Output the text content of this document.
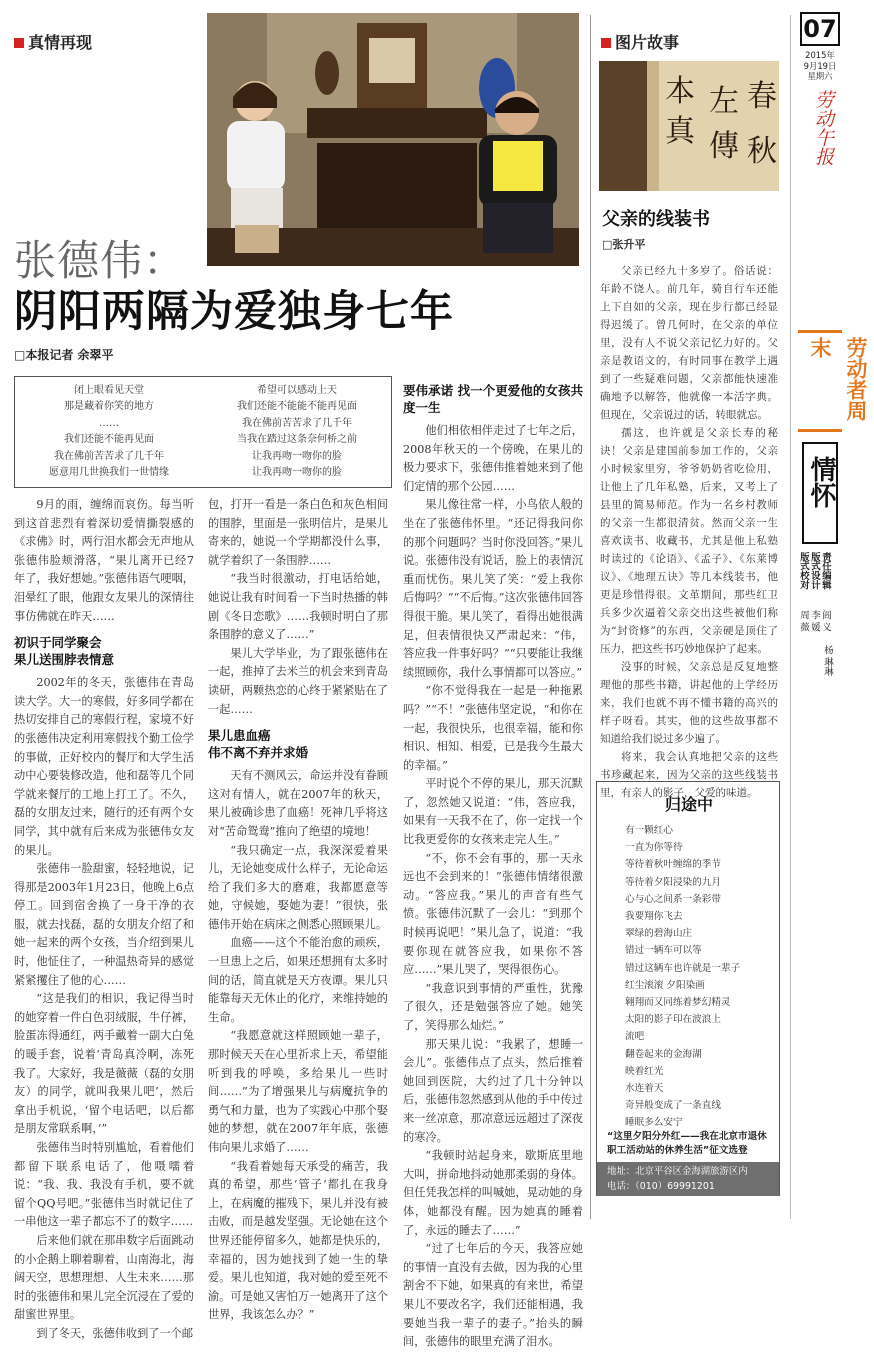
真情再现
张德伟：
阴阳两隔为爱独身七年
□本报记者 余翠平
闭上眼看见天堂
那是藏着你笑的地方
……
我们还能不能再见面
我在佛前苦苦求了几千年
愿意用几世换我们一世情缘
希望可以感动上天
我们还能不能能不能再见面
我在佛前苦苦求了几千年
当我在踏过这条奈何桥之前
让我再吻一吻你的脸
让我再吻一吻你的脸

9月的雨，缠绵而哀伤。每当听到这首悲烈有着深切爱情撕裂感的《求佛》时，两行泪水都会无声地从张德伟脸颊滑落，“果儿离开已经7年了，我好想她。”张德伟语气哽咽，泪晕红了眼，他跟女友果儿的深情往事仿佛就在昨天……

初识于同学聚会
果儿送围脖表情意

2002年的冬天，张德伟在青岛读大学。大一的寒假，好多同学都在热切安排自己的寒假行程，家境不好的张德伟决定利用寒假找个勤工俭学的事做，正好校内的餐厅和大学生活动中心要装修改造，他和磊等几个同学就来餐厅的工地上打工了。不久，磊的女朋友过来，随行的还有两个女同学，其中就有后来成为张德伟女友的果儿。

张德伟一脸甜蜜，轻轻地说，记得那是2003年1月23日，他晚上6点停工。回到宿舍换了一身干净的衣服，就去找磊，磊的女朋友介绍了和她一起来的两个女孩，当介绍到果儿时，他怔住了，一种温热奇异的感觉紧紧攫住了他的心……

“这是我们的相识，我记得当时的她穿着一件白色羽绒服，牛仔裤，脸蛋冻得通红，两手戴着一副大白兔的暖手套，说着‘青岛真冷啊，冻死我了。大家好，我是薇薇（磊的女朋友）的同学，就叫我果儿吧’，然后拿出手机说，‘留个电话吧，以后都是朋友常联系啊，’”

张德伟当时特别尴尬，看着他们都留下联系电话了，他嗫嚅着说：“我、我、我没有手机，要不就留个QQ号吧。”张德伟当时就记住了一串他这一辈子都忘不了的数字……

后来他们就在那串数字后面跳动的小企鹅上聊着聊着，山南海北，海阔天空，思想理想、人生未来……那时的张德伟和果儿完全沉浸在了爱的甜蜜世界里。

到了冬天，张德伟收到了一个邮

包，打开一看是一条白色和灰色相间的围脖，里面是一张明信片，是果儿寄来的，她说一个学期都没什么事，就学着织了一条围脖……

“我当时很激动，打电话给她，她说让我有时间看一下当时热播的韩剧《冬日恋歌》……我顿时明白了那条围脖的意义了……”

果儿大学毕业，为了跟张德伟在一起，推掉了去米兰的机会来到青岛读研，两颗热恋的心终于紧紧贴在了一起……

果儿患血癌
伟不离不弃并求婚

天有不测风云，命运并没有眷顾这对有情人，就在2007年的秋天，果儿被确诊患了血癌！死神几乎将这对“苦命鸳鸯”推向了绝望的境地！

“我只确定一点，我深深爱着果儿，无论她变成什么样子，无论命运给了我们多大的磨难，我都愿意等她，守候她，娶她为妻！”很快，张德伟开始在病床之侧悉心照顾果儿。

血癌——这个不能治愈的顽疾，一旦患上之后，如果还想拥有太多时间的话，简直就是天方夜谭。果儿只能靠每天无休止的化疗，来维持她的生命。

“我愿意就这样照顾她一辈子，那时候天天在心里祈求上天，希望能听到我的呼唤，多给果儿一些时间……”为了增强果儿与病魔抗争的勇气和力量，也为了实践心中那个娶她的梦想，就在2007年年底，张德伟向果儿求婚了……

“我看着她每天承受的痛苦，我真的希望，那些‘管子’都扎在我身上，在病魔的摧残下，果儿并没有被击败，而是越发坚强。无论她在这个世界还能停留多久，她都是快乐的，幸福的，因为她找到了她一生的挚爱。果儿也知道，我对她的爱至死不渝。可是她又害怕万一她离开了这个世界，我该怎么办？”

要伟承诺 找一个更爱他的女孩共度一生

他们相依相伴走过了七年之后，2008年秋天的一个傍晚，在果儿的极力要求下，张德伟推着她来到了他们定情的那个公园……

果儿像往常一样，小鸟依人般的坐在了张德伟怀里。“还记得我问你的那个问题吗？当时你没回答。”果儿说。张德伟没有说话，脸上的表情沉重而忧伤。果儿笑了笑：“爱上我你后悔吗？”“不后悔。”这次张德伟回答得很干脆。果儿笑了，看得出她很满足，但表情很快又严肃起来：“伟，答应我一件事好吗？”“只要能让我继续照顾你，我什么事情都可以答应。”

“你不觉得我在一起是一种拖累吗？”“不！”张德伟坚定说，“和你在一起，我很快乐，也很幸福，能和你相识、相知、相爱，已是我今生最大的幸福。”

平时说个不停的果儿，那天沉默了，忽然她又说道：“伟，答应我，如果有一天我不在了，你一定找一个比我更爱你的女孩来走完人生。”

“不，你不会有事的，那一天永远也不会到来的！”张德伟情绪很激动。“答应我。”果儿的声音有些气愤。张德伟沉默了一会儿：“到那个时候再说吧！”果儿急了，说道：“我要你现在就答应我，如果你不答应……”果儿哭了，哭得很伤心。

“我意识到事情的严重性，犹豫了很久，还是勉强答应了她。她笑了，笑得那么灿烂。”

那天果儿说：“我累了，想睡一会儿”。张德伟点了点头，然后推着她回到医院，大约过了几十分钟以后，张德伟忽然感到从他的手中传过来一丝凉意，那凉意远远超过了深夜的寒冷。

“我顿时站起身来，歇斯底里地大叫，拼命地抖动她那柔弱的身体。但任凭我怎样的叫喊她，晃动她的身体，她都没有醒。因为她真的睡着了，永远的睡去了……”

“过了七年后的今天，我答应她的事情一直没有去做，因为我的心里割舍不下她，如果真的有来世，希望果儿不要改名字，我们还能相遇，我要她当我一辈子的妻子。”抬头的瞬间，张德伟的眼里充满了泪水。

图片故事
本
真
左
傳
春
秋
父亲的线装书
□张升平

父亲已经九十多岁了。俗话说：年龄不饶人。前几年，骑自行车还能上下自如的父亲，现在步行都已经显得迟缓了。曾几何时，在父亲的单位里，没有人不说父亲记忆力好的。父亲是教语文的，有时同事在教学上遇到了一些疑难问题，父亲都能快速准确地予以解答，他就像一本活字典。但现在，父亲说过的话，转眼就忘。

孺这，也许就是父亲长寿的秘诀！父亲是建国前参加工作的，父亲小时候家里穷，爷爷奶奶省吃俭用，让他上了几年私塾，后来，又考上了县里的简易师范。作为一名乡村教师的父亲一生都很清贫。然而父亲一生喜欢读书、收藏书，尤其是他上私塾时读过的《论语》、《孟子》、《东莱博议》、《地理五诀》等几本线装书，他更是珍惜得很。文革期间，那些红卫兵多少次逼着父亲交出这些被他们称为“封资修”的东西，父亲硬是顶住了压力，把这些书巧妙地保护了起来。

没事的时候，父亲总是反复地整理他的那些书籍，讲起他的上学经历来，我们也就不再不懂书籍的高兴的样子呀看。其实，他的这些故事都不知道给我们说过多少遍了。

将来，我会认真地把父亲的这些书珍藏起来，因为父亲的这些线装书里，有亲人的影子，父爱的味道。

归途中
有一颗红心
一直为你等待
等待着秋叶缠绵的季节
等待着夕阳浸染的九月
心与心之间系一条彩带
我要翔你飞去
翠绿的碧海山庄
错过一辆车可以等
错过这辆车也许就是一辈子
红尘滚滚 夕阳染画
翱翔而又同练着梦幻精灵
太阳的影子印在波浪上
流吧
翻卷起来的金海湖
映着红光
水连着天
奇异般变成了一条直线
睡眠多么安宁
“这里夕阳分外红——我在北京市退休职工活动站的休养生活”征文选登
地址：北京平谷区金海湖旅游区内
电话：（010）69991201
07
2015年
9月19日
星期六
劳动午报
劳动者周末
情怀
责任编辑
版式设计
版式校对
阎 义
李 媛
周 薇
杨 琳琳
